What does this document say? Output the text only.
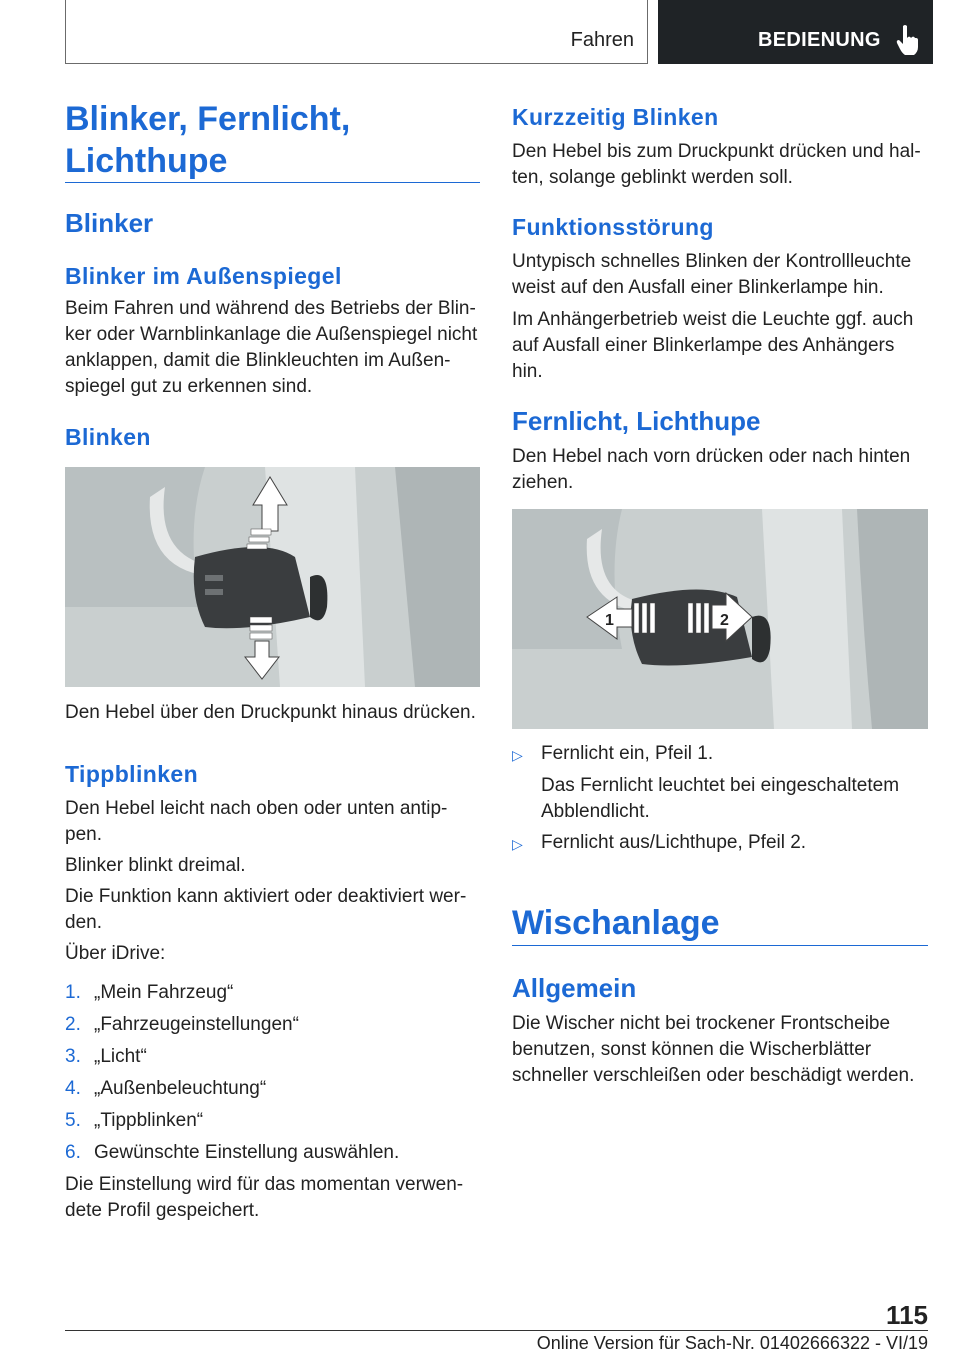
Fahren	BEDIENUNG
Blinker, Fernlicht,
Lichthupe
Blinker
Blinker im Außenspiegel

Beim Fahren und während des Betriebs der Blin-

ker oder Warnblinkanlage die Außenspiegel nicht

anklappen, damit die Blinkleuchten im Außen-

spiegel gut zu erkennen sind.

Blinken

Den Hebel über den Druckpunkt hinaus drücken.

Tippblinken

Den Hebel leicht nach oben oder unten antip-

pen.

Blinker blinkt dreimal.

Die Funktion kann aktiviert oder deaktiviert wer-

den.

Über iDrive:

1. „Mein Fahrzeug“
2. „Fahrzeugeinstellungen“
3. „Licht“
4. „Außenbeleuchtung“
5. „Tippblinken“
6. Gewünschte Einstellung auswählen.

Die Einstellung wird für das momentan verwen-

dete Profil gespeichert.

Kurzzeitig Blinken

Den Hebel bis zum Druckpunkt drücken und hal-

ten, solange geblinkt werden soll.

Funktionsstörung

Untypisch schnelles Blinken der Kontrollleuchte

weist auf den Ausfall einer Blinkerlampe hin.

Im Anhängerbetrieb weist die Leuchte ggf. auch

auf Ausfall einer Blinkerlampe des Anhängers

hin.

Fernlicht, Lichthupe

Den Hebel nach vorn drücken oder nach hinten

ziehen.

1	2
▷ Fernlicht ein, Pfeil 1.

Das Fernlicht leuchtet bei eingeschaltetem

Abblendlicht.

▷ Fernlicht aus/Lichthupe, Pfeil 2.
Wischanlage
Allgemein

Die Wischer nicht bei trockener Frontscheibe

benutzen, sonst können die Wischerblätter

schneller verschleißen oder beschädigt werden.

115
Online Version für Sach-Nr. 01402666322 - VI/19
